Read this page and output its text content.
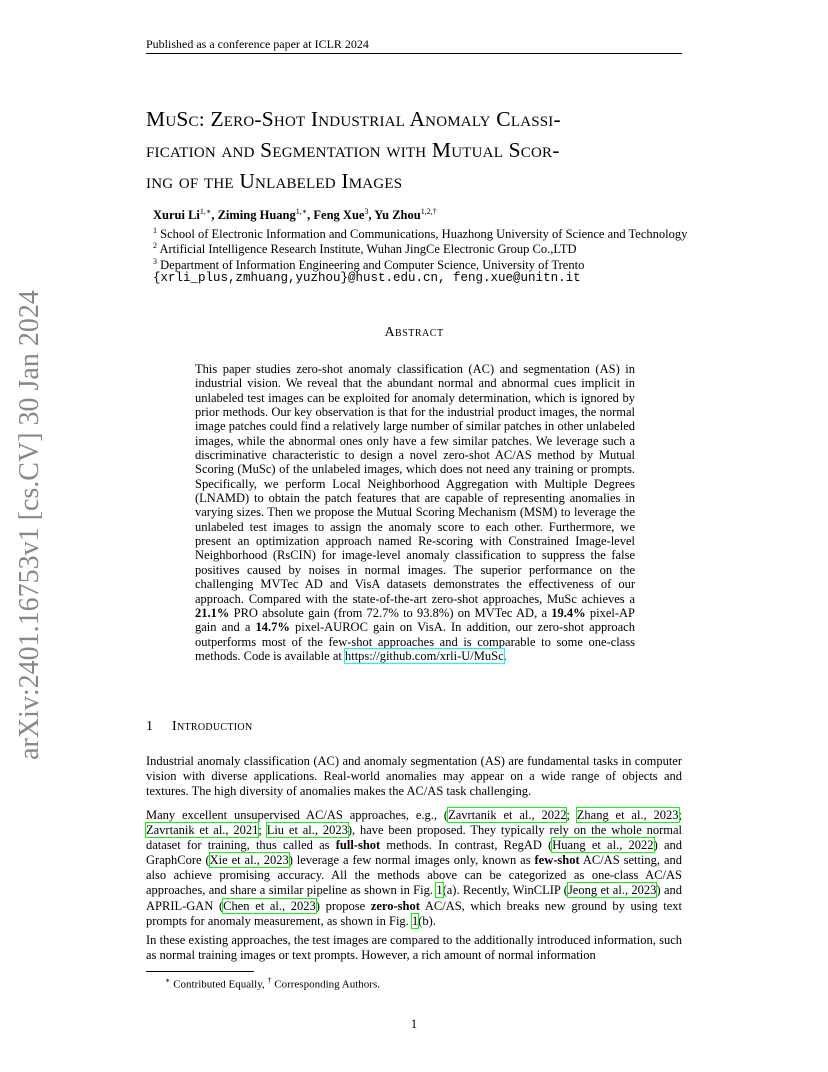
Published as a conference paper at ICLR 2024
arXiv:2401.16753v1 [cs.CV] 30 Jan 2024
MuSc: Zero-Shot Industrial Anomaly Classi-
fication and Segmentation with Mutual Scor-
ing of the Unlabeled Images
Xurui $Li^{1,∗}$, Ziming Huang$^{1,∗}$, Feng Xue$^3$, Yu Zhou$^{1,2,\dagger}$
$^1$ School of Electronic Information and Communications, Huazhong University of Science and Technology
$^2$ Artificial Intelligence Research Institute, Wuhan JingCe Electronic Group Co.,LTD
$^3$ Department of Information Engineering and Computer Science, University of Trento
{xrli_plus,zmhuang,yuzhou}@hust.edu.cn, feng.xue@unitn.it
Abstract
This paper studies zero-shot anomaly classification (AC) and segmentation (AS) in industrial vision. We reveal that the abundant normal and abnormal cues implicit in unlabeled test images can be exploited for anomaly determination, which is ignored by prior methods. Our key observation is that for the industrial product images, the normal image patches could find a relatively large number of similar patches in other unlabeled images, while the abnormal ones only have a few similar patches. We leverage such a discriminative characteristic to design a novel zero-shot AC/AS method by Mutual Scoring (MuSc) of the unlabeled images, which does not need any training or prompts. Specifically, we perform Local Neighborhood Aggregation with Multiple Degrees (LNAMD) to obtain the patch features that are capable of representing anomalies in varying sizes. Then we propose the Mutual Scoring Mechanism (MSM) to leverage the unlabeled test images to assign the anomaly score to each other. Furthermore, we present an optimization approach named Re-scoring with Constrained Image-level Neighborhood (RsCIN) for image-level anomaly classification to suppress the false positives caused by noises in normal images. The superior performance on the challenging MVTec AD and VisA datasets demonstrates the effectiveness of our approach. Compared with the state-of-the-art zero-shot approaches, MuSc achieves a 21.1% PRO absolute gain (from 72.7% to 93.8%) on MVTec AD, a 19.4% pixel-AP gain and a 14.7% pixel-AUROC gain on VisA. In addition, our zero-shot approach outperforms most of the few-shot approaches and is comparable to some one-class methods. Code is available at https://github.com/xrli-U/MuSc.
1 Introduction
Industrial anomaly classification (AC) and anomaly segmentation (AS) are fundamental tasks in computer vision with diverse applications. Real-world anomalies may appear on a wide range of objects and textures. The high diversity of anomalies makes the AC/AS task challenging.
Many excellent unsupervised AC/AS approaches, e.g., (Zavrtanik et al., 2022; Zhang et al., 2023; Zavrtanik et al., 2021; Liu et al., 2023), have been proposed. They typically rely on the whole normal dataset for training, thus called as full-shot methods. In contrast, RegAD (Huang et al., 2022) and GraphCore (Xie et al., 2023) leverage a few normal images only, known as few-shot AC/AS setting, and also achieve promising accuracy. All the methods above can be categorized as one-class AC/AS approaches, and share a similar pipeline as shown in Fig. 1(a). Recently, WinCLIP (Jeong et al., 2023) and APRIL-GAN (Chen et al., 2023) propose zero-shot AC/AS, which breaks new ground by using text prompts for anomaly measurement, as shown in Fig. 1(b).
In these existing approaches, the test images are compared to the additionally introduced information, such as normal training images or text prompts. However, a rich amount of normal information
∗ Contributed Equally, † Corresponding Authors.
1
